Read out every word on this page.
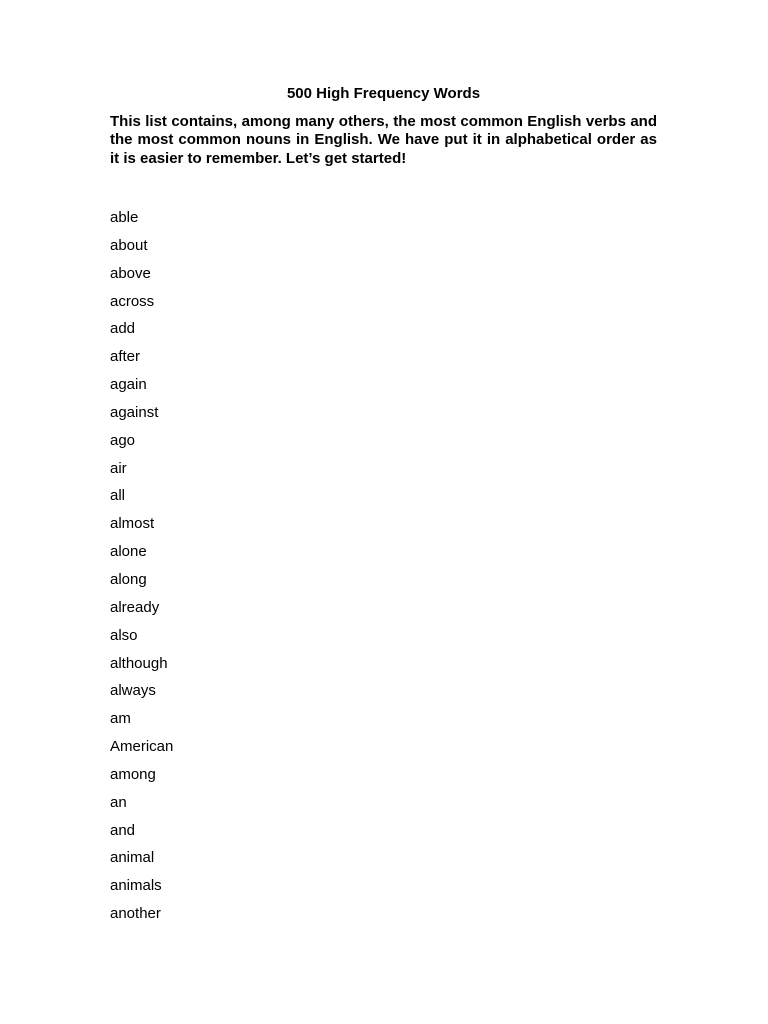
500 High Frequency Words

This list contains, among many others, the most common English verbs and the most common nouns in English. We have put it in alphabetical order as it is easier to remember. Let’s get started!

able
about
above
across
add
after
again
against
ago
air
all
almost
alone
along
already
also
although
always
am
American
among
an
and
animal
animals
another
